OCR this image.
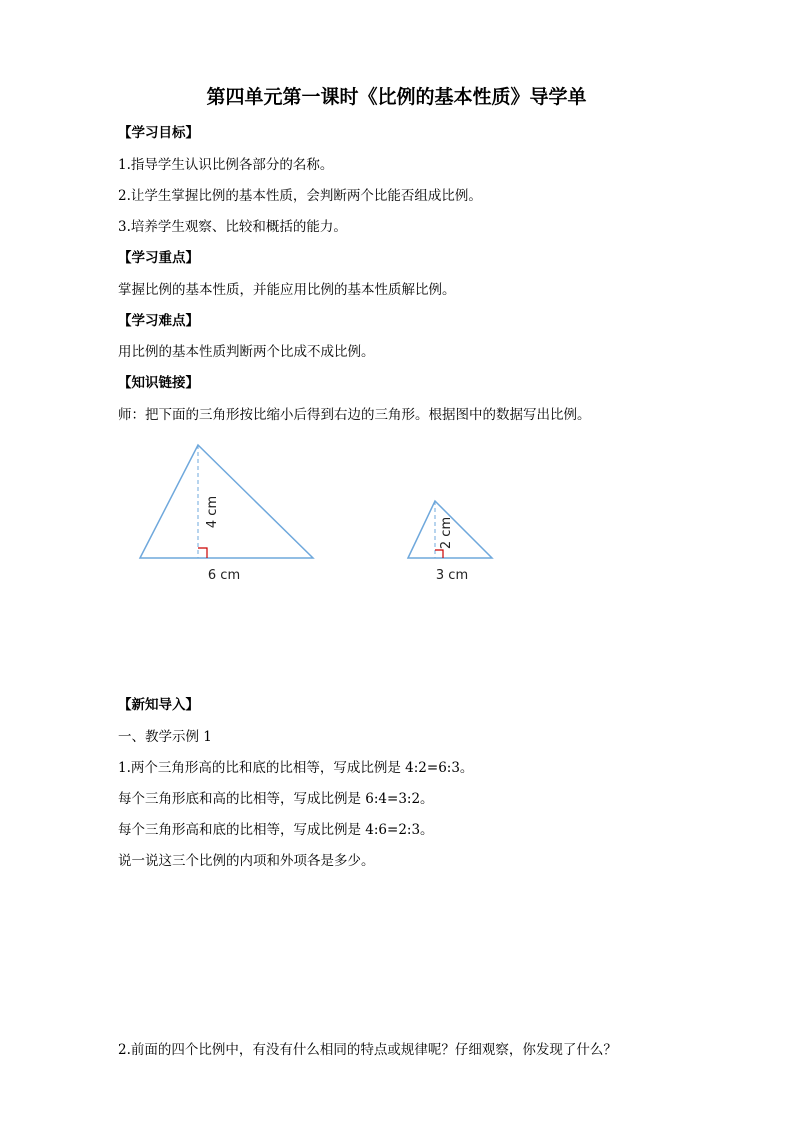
第四单元第一课时《比例的基本性质》导学单
【学习目标】
1.指导学生认识比例各部分的名称。
2.让学生掌握比例的基本性质，会判断两个比能否组成比例。
3.培养学生观察、比较和概括的能力。
【学习重点】
掌握比例的基本性质，并能应用比例的基本性质解比例。
【学习难点】
用比例的基本性质判断两个比成不成比例。
【知识链接】
师：把下面的三角形按比缩小后得到右边的三角形。根据图中的数据写出比例。
4 cm
6 cm
2 cm
3 cm
【新知导入】
一、教学示例 1
1.两个三角形高的比和底的比相等，写成比例是 4:2=6:3。
每个三角形底和高的比相等，写成比例是 6:4=3:2。
每个三角形高和底的比相等，写成比例是 4:6=2:3。
说一说这三个比例的内项和外项各是多少。
2.前面的四个比例中，有没有什么相同的特点或规律呢？仔细观察，你发现了什么？
